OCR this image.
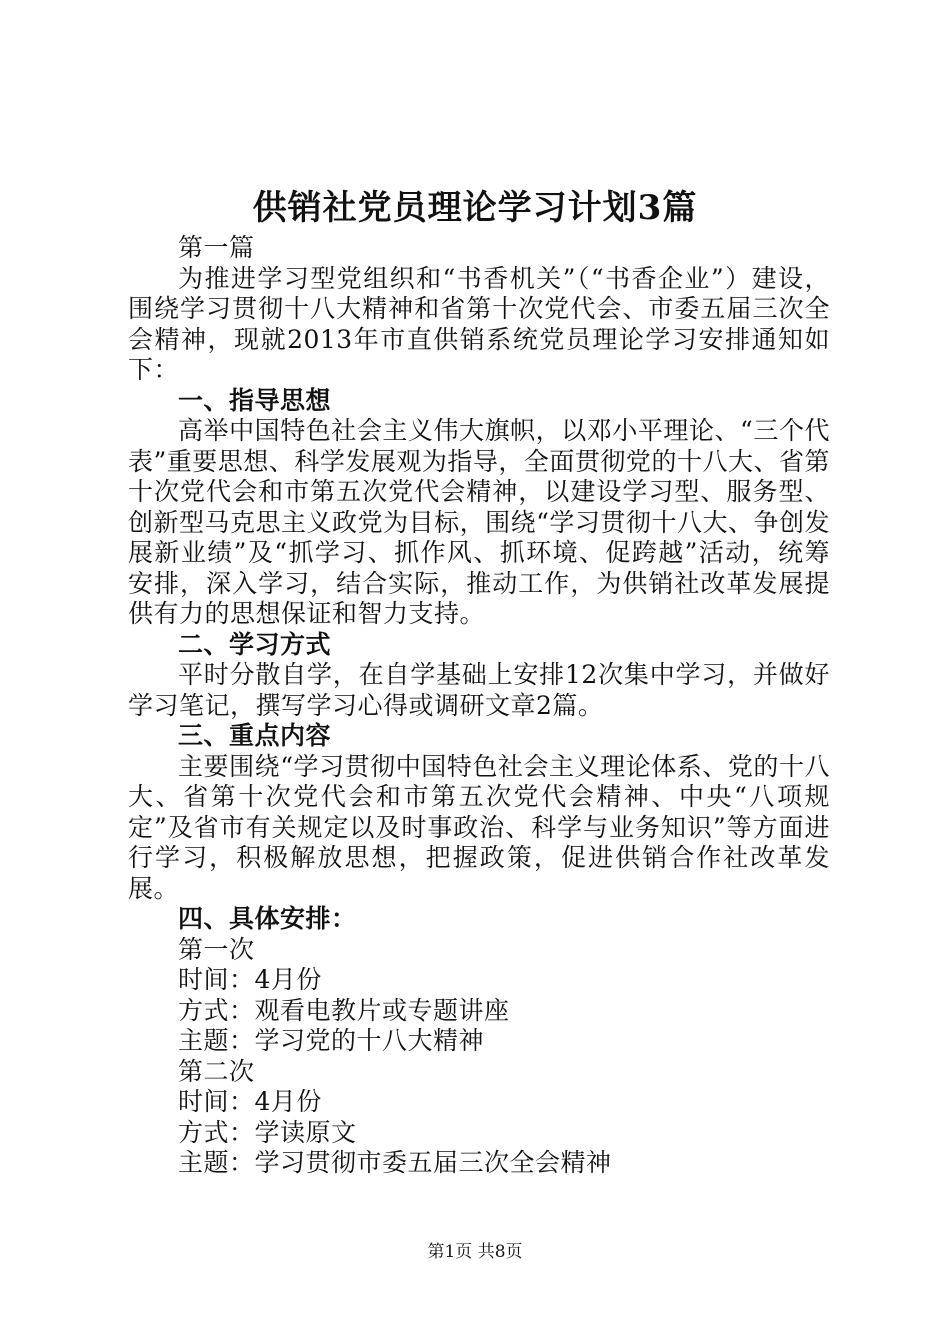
供销社党员理论学习计划3篇

第一篇

为推进学习型党组织和“书香机关”（“书香企业”）建设，围绕学习贯彻十八大精神和省第十次党代会、市委五届三次全会精神，现就2013年市直供销系统党员理论学习安排通知如下：

一、指导思想

高举中国特色社会主义伟大旗帜，以邓小平理论、“三个代表”重要思想、科学发展观为指导，全面贯彻党的十八大、省第十次党代会和市第五次党代会精神，以建设学习型、服务型、创新型马克思主义政党为目标，围绕“学习贯彻十八大、争创发展新业绩”及“抓学习、抓作风、抓环境、促跨越”活动，统筹安排，深入学习，结合实际，推动工作，为供销社改革发展提供有力的思想保证和智力支持。

二、学习方式

平时分散自学，在自学基础上安排12次集中学习，并做好学习笔记，撰写学习心得或调研文章2篇。

三、重点内容

主要围绕“学习贯彻中国特色社会主义理论体系、党的十八大、省第十次党代会和市第五次党代会精神、中央“八项规定”及省市有关规定以及时事政治、科学与业务知识”等方面进行学习，积极解放思想，把握政策，促进供销合作社改革发展。

四、具体安排：

第一次

时间：4月份

方式：观看电教片或专题讲座

主题：学习党的十八大精神

第二次

时间：4月份

方式：学读原文

主题：学习贯彻市委五届三次全会精神

第1页 共8页
